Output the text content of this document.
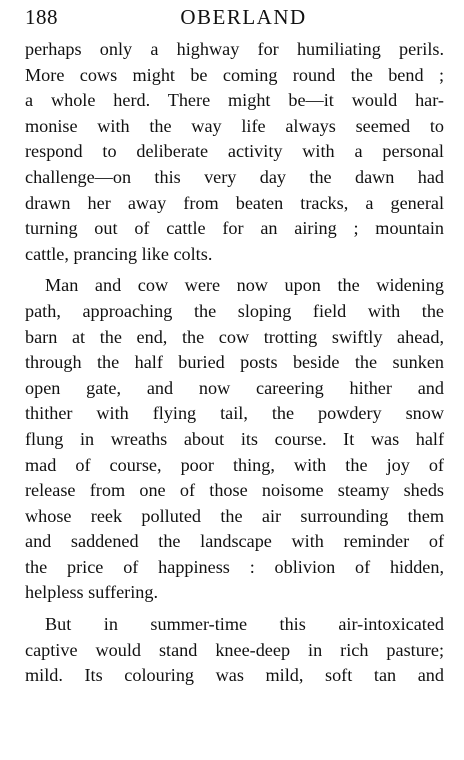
188	OBERLAND
perhaps only a highway for humiliating perils.
More cows might be coming round the bend ;
a whole herd. There might be—it would har-
monise with the way life always seemed to
respond to deliberate activity with a personal
challenge—on this very day the dawn had
drawn her away from beaten tracks, a general
turning out of cattle for an airing ; mountain
cattle, prancing like colts.
Man and cow were now upon the widening
path, approaching the sloping field with the
barn at the end, the cow trotting swiftly ahead,
through the half buried posts beside the sunken
open gate, and now careering hither and
thither with flying tail, the powdery snow
flung in wreaths about its course. It was half
mad of course, poor thing, with the joy of
release from one of those noisome steamy sheds
whose reek polluted the air surrounding them
and saddened the landscape with reminder of
the price of happiness : oblivion of hidden,
helpless suffering.
But in summer-time this air-intoxicated
captive would stand knee-deep in rich pasture;
mild. Its colouring was mild, soft tan and
